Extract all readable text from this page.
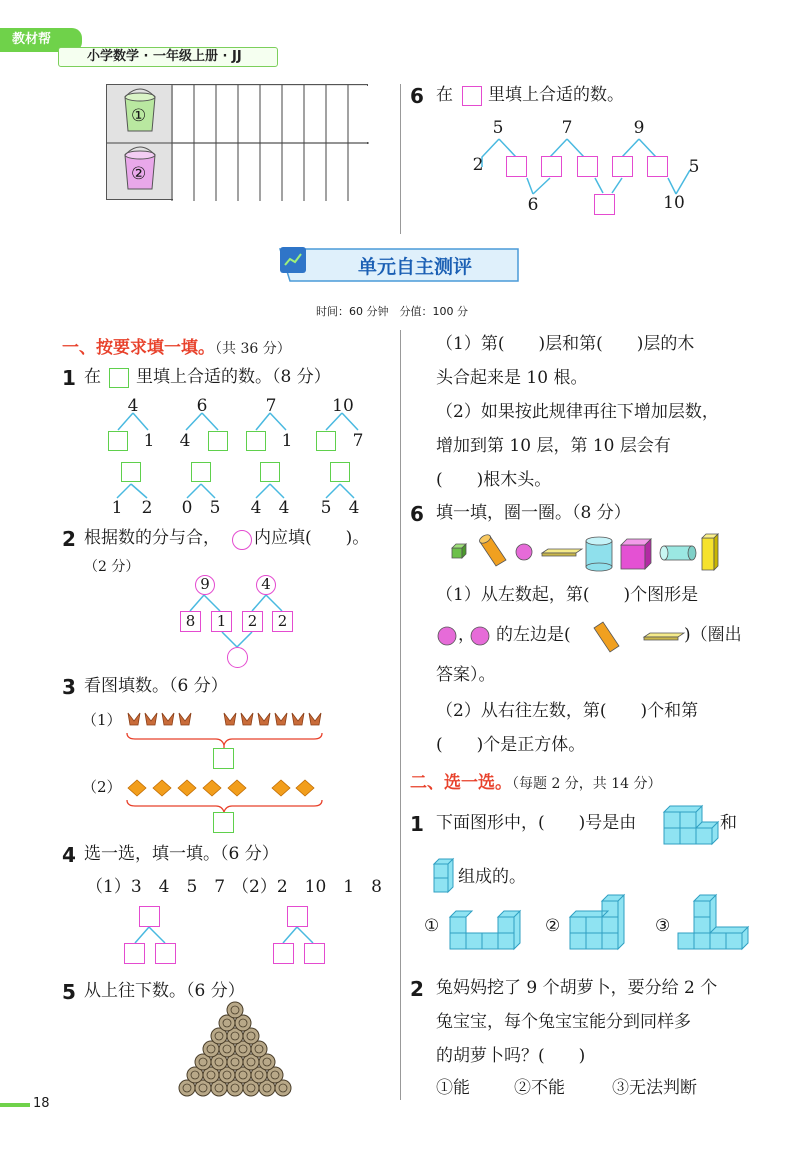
教材帮
小学数学 · 一年级上册 · JJ
①
②
6 在 里填上合适的数。
5	7	9
2	5
6	10
单元自主测评
时间：60 分钟　分值：100 分
一、按要求填一填。（共 36 分）
1 在 里填上合适的数。（8 分）
4	6	7	10
1	4	1	7
1	2	0	5	4	4	5	4
2 根据数的分与合， 内应填(　　)。
（2 分）
9	4
8	1	2	2
3 看图填数。（6 分）
（1）
（2）
4 选一选，填一填。（6 分）
（1）3　4　5　7 （2）2　10　1　8
5 从上往下数。（6 分）
（1）第(　　)层和第(　　)层的木
头合起来是 10 根。
（2）如果按此规律再往下增加层数，
增加到第 10 层，第 10 层会有
(　　)根木头。
6 填一填，圈一圈。（8 分）
（1）从左数起，第(　　)个图形是
， 的左边是(	)（圈出
答案）。
（2）从右往左数，第(　　)个和第
(　　)个是正方体。
二、选一选。（每题 2 分，共 14 分）
1 下面图形中，(　　)号是由	和
组成的。
①	②	③
2 兔妈妈挖了 9 个胡萝卜，要分给 2 个
兔宝宝，每个兔宝宝能分到同样多
的胡萝卜吗？(　　)
①能	②不能	③无法判断
18
